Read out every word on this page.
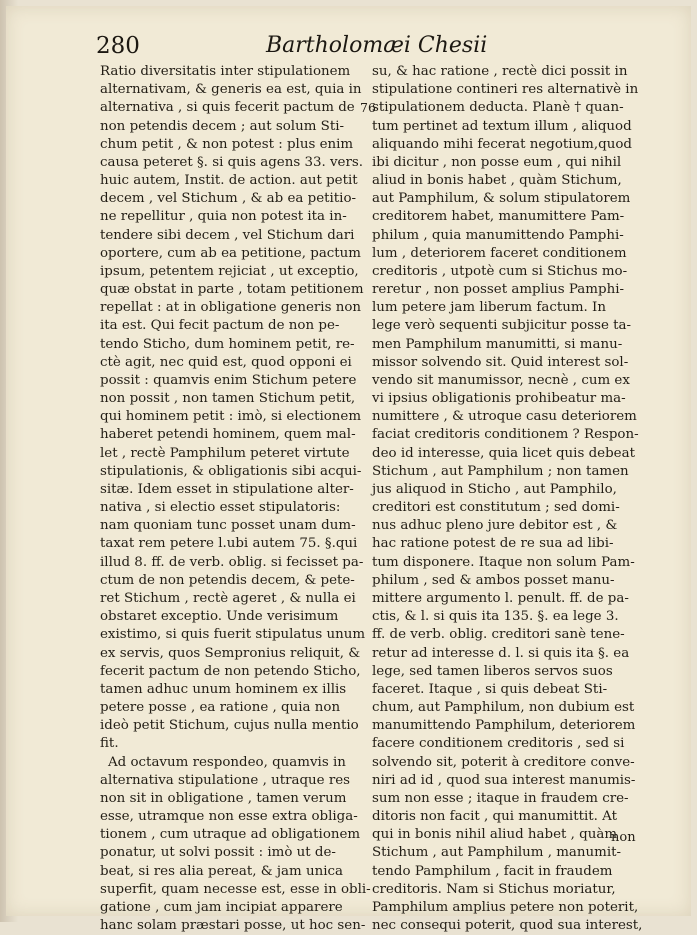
280	Bartholomæi Chesii
Ratio diversitatis inter stipulationem
alternativam, & generis ea est, quia in
alternativa , si quis fecerit pactum de
non petendis decem ; aut solum Sti-
chum petit , & non potest : plus enim
causa peteret §. si quis agens 33. vers.
huic autem, Instit. de action. aut petit
decem , vel Stichum , & ab ea petitio-
ne repellitur , quia non potest ita in-
tendere sibi decem , vel Stichum dari
oportere, cum ab ea petitione, pactum
ipsum, petentem rejiciat , ut exceptio,
quæ obstat in parte , totam petitionem
repellat : at in obligatione generis non
ita est. Qui fecit pactum de non pe-
tendo Sticho, dum hominem petit, re-
ctè agit, nec quid est, quod opponi ei
possit : quamvis enim Stichum petere
non possit , non tamen Stichum petit,
qui hominem petit : imò, si electionem
haberet petendi hominem, quem mal-
let , rectè Pamphilum peteret virtute
stipulationis, & obligationis sibi acqui-
sitæ. Idem esset in stipulatione alter-
nativa , si electio esset stipulatoris:
nam quoniam tunc posset unam dum-
taxat rem petere l.ubi autem 75. §.qui
illud 8. ff. de verb. oblig. si fecisset pa-
ctum de non petendis decem, & pete-
ret Stichum , rectè ageret , & nulla ei
obstaret exceptio. Unde verisimum
existimo, si quis fuerit stipulatus unum
ex servis, quos Sempronius reliquit, &
fecerit pactum de non petendo Sticho,
tamen adhuc unum hominem ex illis
petere posse , ea ratione , quia non
ideò petit Stichum, cujus nulla mentio
fit.
Ad octavum respondeo, quamvis in
alternativa stipulatione , utraque res
non sit in obligatione , tamen verum
esse, utramque non esse extra obliga-
tionem , cum utraque ad obligationem
ponatur, ut solvi possit : imò ut de-
beat, si res alia pereat, & jam unica
superfit, quam necesse est, esse in obli-
gatione , cum jam incipiat apparere
hanc solam præstari posse, ut hoc sen-
76
su, & hac ratione , rectè dici possit in
stipulatione contineri res alternativè in
stipulationem deducta. Planè † quan-
tum pertinet ad textum illum , aliquod
aliquando mihi fecerat negotium,quod
ibi dicitur , non posse eum , qui nihil
aliud in bonis habet , quàm Stichum,
aut Pamphilum, & solum stipulatorem
creditorem habet, manumittere Pam-
philum , quia manumittendo Pamphi-
lum , deteriorem faceret conditionem
creditoris , utpotè cum si Stichus mo-
reretur , non posset amplius Pamphi-
lum petere jam liberum factum. In
lege verò sequenti subjicitur posse ta-
men Pamphilum manumitti, si manu-
missor solvendo sit. Quid interest sol-
vendo sit manumissor, necnè , cum ex
vi ipsius obligationis prohibeatur ma-
numittere , & utroque casu deteriorem
faciat creditoris conditionem ? Respon-
deo id interesse, quia licet quis debeat
Stichum , aut Pamphilum ; non tamen
jus aliquod in Sticho , aut Pamphilo,
creditori est constitutum ; sed domi-
nus adhuc pleno jure debitor est , &
hac ratione potest de re sua ad libi-
tum disponere. Itaque non solum Pam-
philum , sed & ambos posset manu-
mittere argumento l. penult. ff. de pa-
ctis, & l. si quis ita 135. §. ea lege 3.
ff. de verb. oblig. creditori sanè tene-
retur ad interesse d. l. si quis ita §. ea
lege, sed tamen liberos servos suos
faceret. Itaque , si quis debeat Sti-
chum, aut Pamphilum, non dubium est
manumittendo Pamphilum, deteriorem
facere conditionem creditoris , sed si
solvendo sit, poterit à creditore conve-
niri ad id , quod sua interest manumis-
sum non esse ; itaque in fraudem cre-
ditoris non facit , qui manumittit. At
qui in bonis nihil aliud habet , quàm
Stichum , aut Pamphilum , manumit-
tendo Pamphilum , facit in fraudem
creditoris. Nam si Stichus moriatur,
Pamphilum amplius petere non poterit,
nec consequi poterit, quod sua interest,
non
